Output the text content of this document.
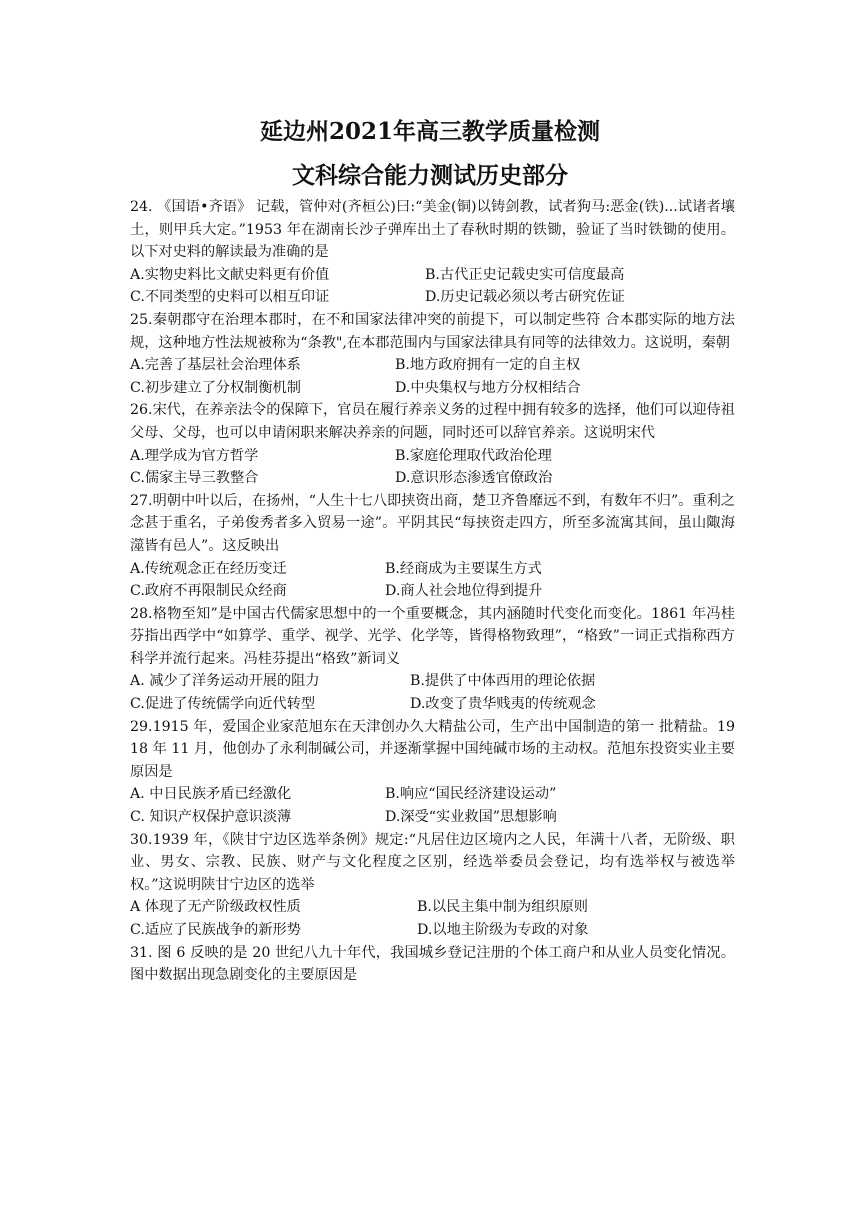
延边州2021年高三教学质量检测
文科综合能力测试历史部分
24. 《国语•齐语》 记载，管仲对(齐桓公)曰:“美金(铜)以铸剑教，试者狗马:恶金(铁)...试诸者壤土，则甲兵大定。”1953 年在湖南长沙子弹库出土了春秋时期的铁锄，验证了当时铁锄的使用。以下对史料的解读最为准确的是
A.实物史料比文献史料更有价值	B.古代正史记载史实可信度最高
C.不同类型的史料可以相互印证	D.历史记载必须以考古研究佐证
25.秦朝郡守在治理本郡时，在不和国家法律冲突的前提下，可以制定些符 合本郡实际的地方法规，这种地方性法规被称为“条教",在本郡范围内与国家法律具有同等的法律效力。这说明，秦朝
A.完善了基层社会治理体系	B.地方政府拥有一定的自主权
C.初步建立了分权制衡机制	D.中央集权与地方分权相结合
26.宋代，在养亲法令的保障下，官员在履行养亲义务的过程中拥有较多的选择，他们可以迎侍祖父母、父母，也可以申请闲职来解决养亲的问题，同时还可以辞官养亲。这说明宋代
A.理学成为官方哲学	B.家庭伦理取代政治伦理
C.儒家主导三教整合	D.意识形态渗透官僚政治
27.明朝中叶以后，在扬州，“人生十七八即挟资出商，楚卫齐鲁靡远不到，有数年不归”。重利之念甚于重名，子弟俊秀者多入贸易一途”。平阴其民“每挟资走四方，所至多流寓其间，虽山陬海澨皆有邑人”。这反映出
A.传统观念正在经历变迁	B.经商成为主要谋生方式
C.政府不再限制民众经商	D.商人社会地位得到提升
28.格物至知”是中国古代儒家思想中的一个重要概念，其内涵随时代变化而变化。1861 年冯桂芬指出西学中“如算学、重学、视学、光学、化学等，皆得格物致理”，“格致”一词正式指称西方科学并流行起来。冯桂芬提出“格致”新词义
A. 减少了洋务运动开展的阻力	B.提供了中体西用的理论依据
C.促进了传统儒学向近代转型	D.改变了贵华贱夷的传统观念
29.1915 年，爱国企业家范旭东在天津创办久大精盐公司，生产出中国制造的第一 批精盐。1918 年 11 月，他创办了永利制碱公司，并逐渐掌握中国纯碱市场的主动权。范旭东投资实业主要原因是
A. 中日民族矛盾已经激化	B.响应“国民经济建设运动”
C. 知识产权保护意识淡薄	D.深受“实业救国”思想影响
30.1939 年，《陕甘宁边区选举条例》规定:“凡居住边区境内之人民，年满十八者，无阶级、职业、男女、宗教、民族、财产与文化程度之区别，经选举委员会登记，均有选举权与被选举权。”这说明陕甘宁边区的选举
A 体现了无产阶级政权性质	B.以民主集中制为组织原则
C.适应了民族战争的新形势	D.以地主阶级为专政的对象
31. 图 6 反映的是 20 世纪八九十年代，我国城乡登记注册的个体工商户和从业人员变化情况。图中数据出现急剧变化的主要原因是
